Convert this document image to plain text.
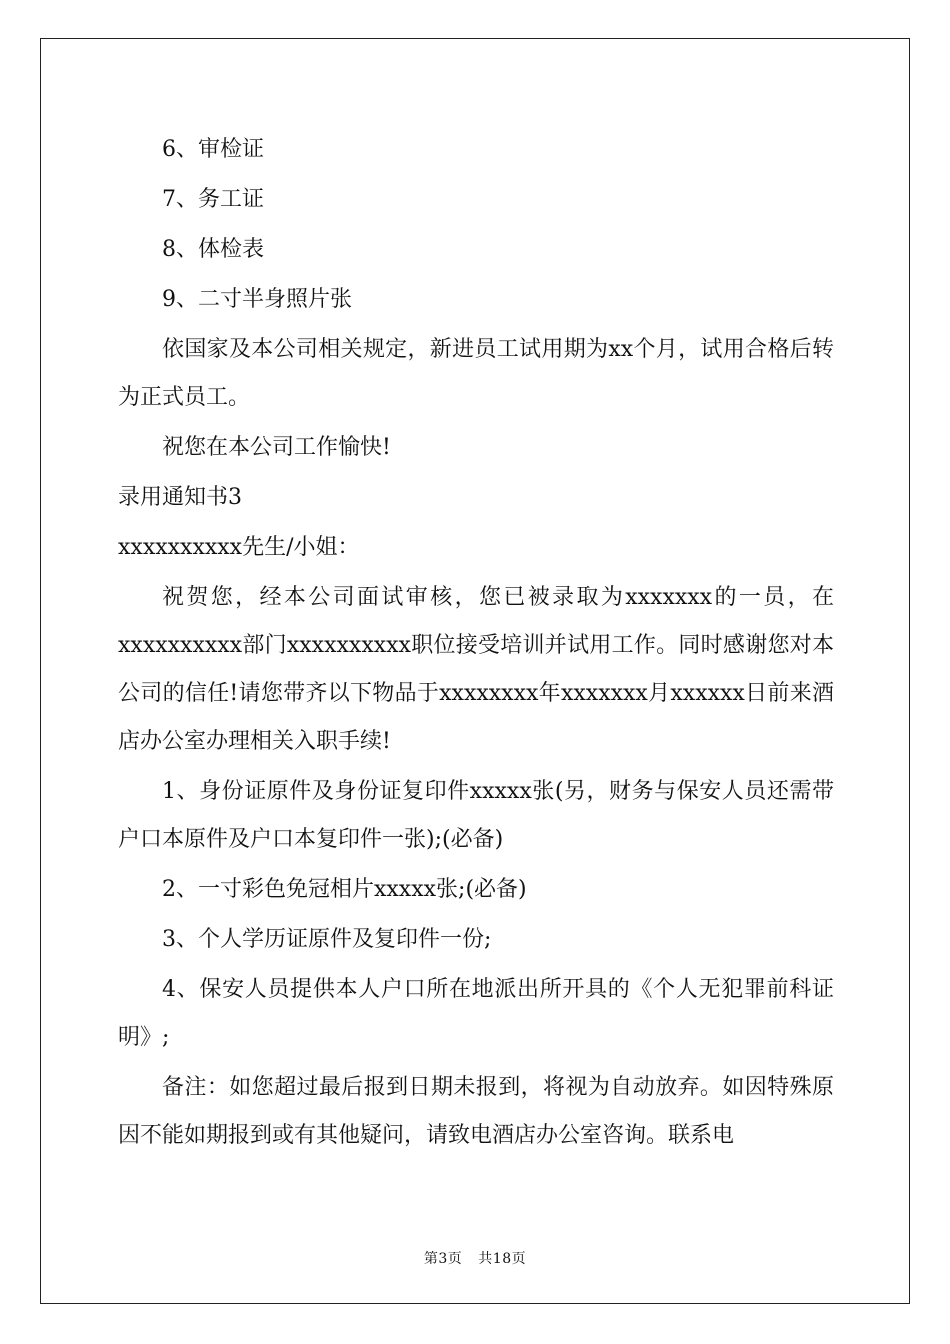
6、审检证

7、务工证

8、体检表

9、二寸半身照片张

依国家及本公司相关规定，新进员工试用期为xx个月，试用合格后转为正式员工。

祝您在本公司工作愉快!

录用通知书3

xxxxxxxxxx先生/小姐：

祝贺您，经本公司面试审核，您已被录取为xxxxxxx的一员，在xxxxxxxxxx部门xxxxxxxxxx职位接受培训并试用工作。同时感谢您对本公司的信任!请您带齐以下物品于xxxxxxxx年xxxxxxx月xxxxxx日前来酒店办公室办理相关入职手续!

1、身份证原件及身份证复印件xxxxx张(另，财务与保安人员还需带户口本原件及户口本复印件一张);(必备)

2、一寸彩色免冠相片xxxxx张;(必备)

3、个人学历证原件及复印件一份;

4、保安人员提供本人户口所在地派出所开具的《个人无犯罪前科证明》;

备注：如您超过最后报到日期未报到，将视为自动放弃。如因特殊原因不能如期报到或有其他疑问，请致电酒店办公室咨询。联系电

第3页 共18页
